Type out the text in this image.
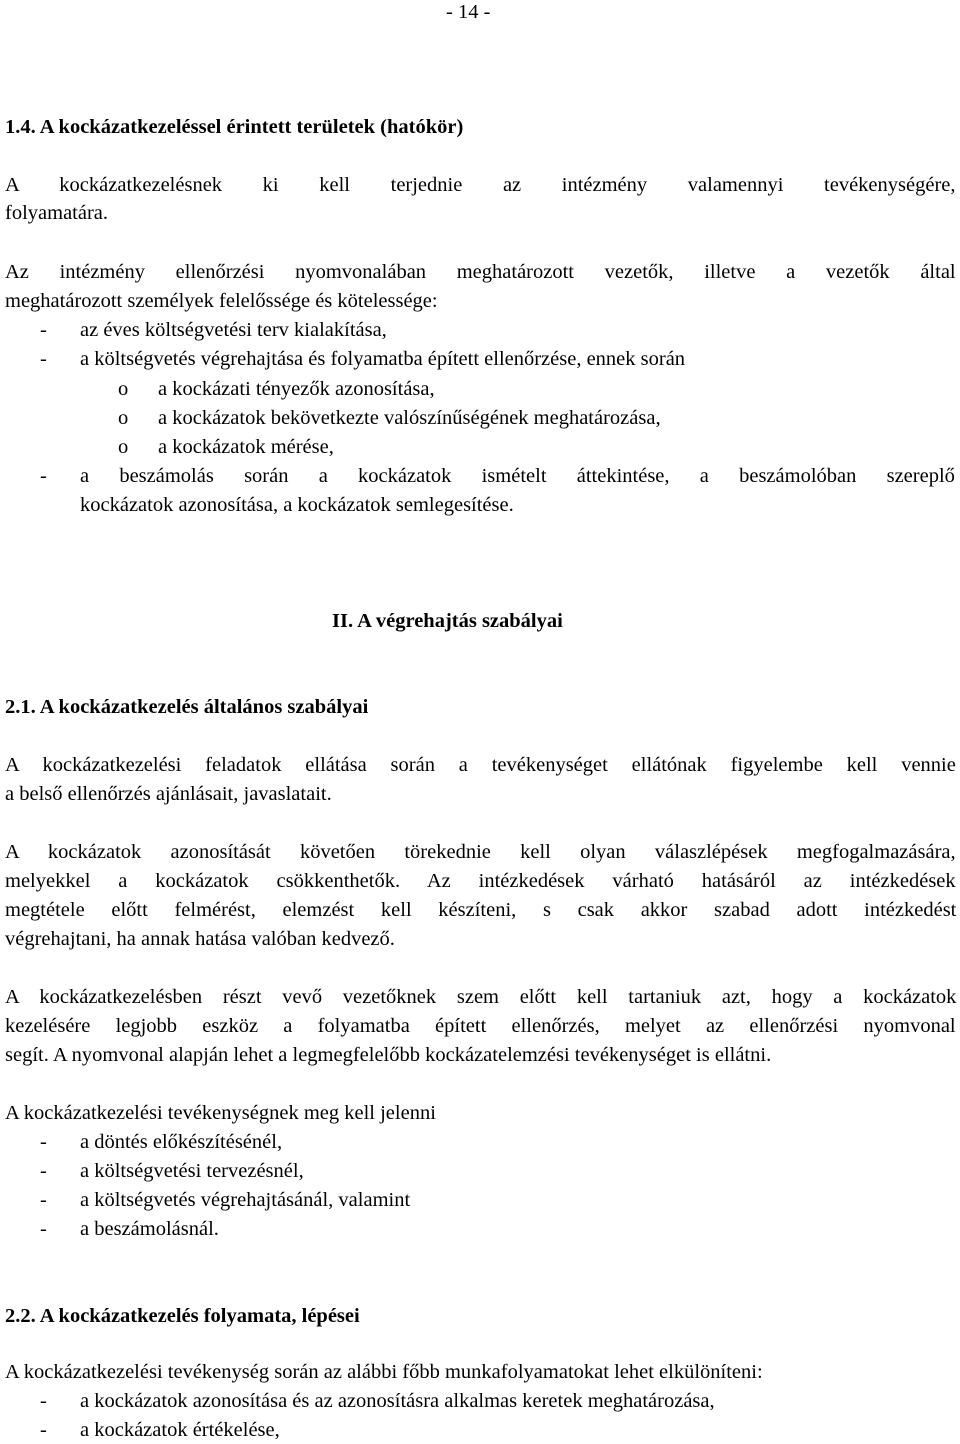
- 14 -
1.4. A kockázatkezeléssel érintett területek (hatókör)
A kockázatkezelésnek ki kell terjednie az intézmény valamennyi tevékenységére,
folyamatára.
Az intézmény ellenőrzési nyomvonalában meghatározott vezetők, illetve a vezetők által
meghatározott személyek felelőssége és kötelessége:
- az éves költségvetési terv kialakítása,
- a költségvetés végrehajtása és folyamatba épített ellenőrzése, ennek során
o a kockázati tényezők azonosítása,
o a kockázatok bekövetkezte valószínűségének meghatározása,
o a kockázatok mérése,
- a beszámolás során a kockázatok ismételt áttekintése, a beszámolóban szereplő
kockázatok azonosítása, a kockázatok semlegesítése.
II. A végrehajtás szabályai
2.1. A kockázatkezelés általános szabályai
A kockázatkezelési feladatok ellátása során a tevékenységet ellátónak figyelembe kell vennie
a belső ellenőrzés ajánlásait, javaslatait.
A kockázatok azonosítását követően törekednie kell olyan válaszlépések megfogalmazására,
melyekkel a kockázatok csökkenthetők. Az intézkedések várható hatásáról az intézkedések
megtétele előtt felmérést, elemzést kell készíteni, s csak akkor szabad adott intézkedést
végrehajtani, ha annak hatása valóban kedvező.
A kockázatkezelésben részt vevő vezetőknek szem előtt kell tartaniuk azt, hogy a kockázatok
kezelésére legjobb eszköz a folyamatba épített ellenőrzés, melyet az ellenőrzési nyomvonal
segít. A nyomvonal alapján lehet a legmegfelelőbb kockázatelemzési tevékenységet is ellátni.
A kockázatkezelési tevékenységnek meg kell jelenni
- a döntés előkészítésénél,
- a költségvetési tervezésnél,
- a költségvetés végrehajtásánál, valamint
- a beszámolásnál.
2.2. A kockázatkezelés folyamata, lépései
A kockázatkezelési tevékenység során az alábbi főbb munkafolyamatokat lehet elkülöníteni:
- a kockázatok azonosítása és az azonosításra alkalmas keretek meghatározása,
- a kockázatok értékelése,
